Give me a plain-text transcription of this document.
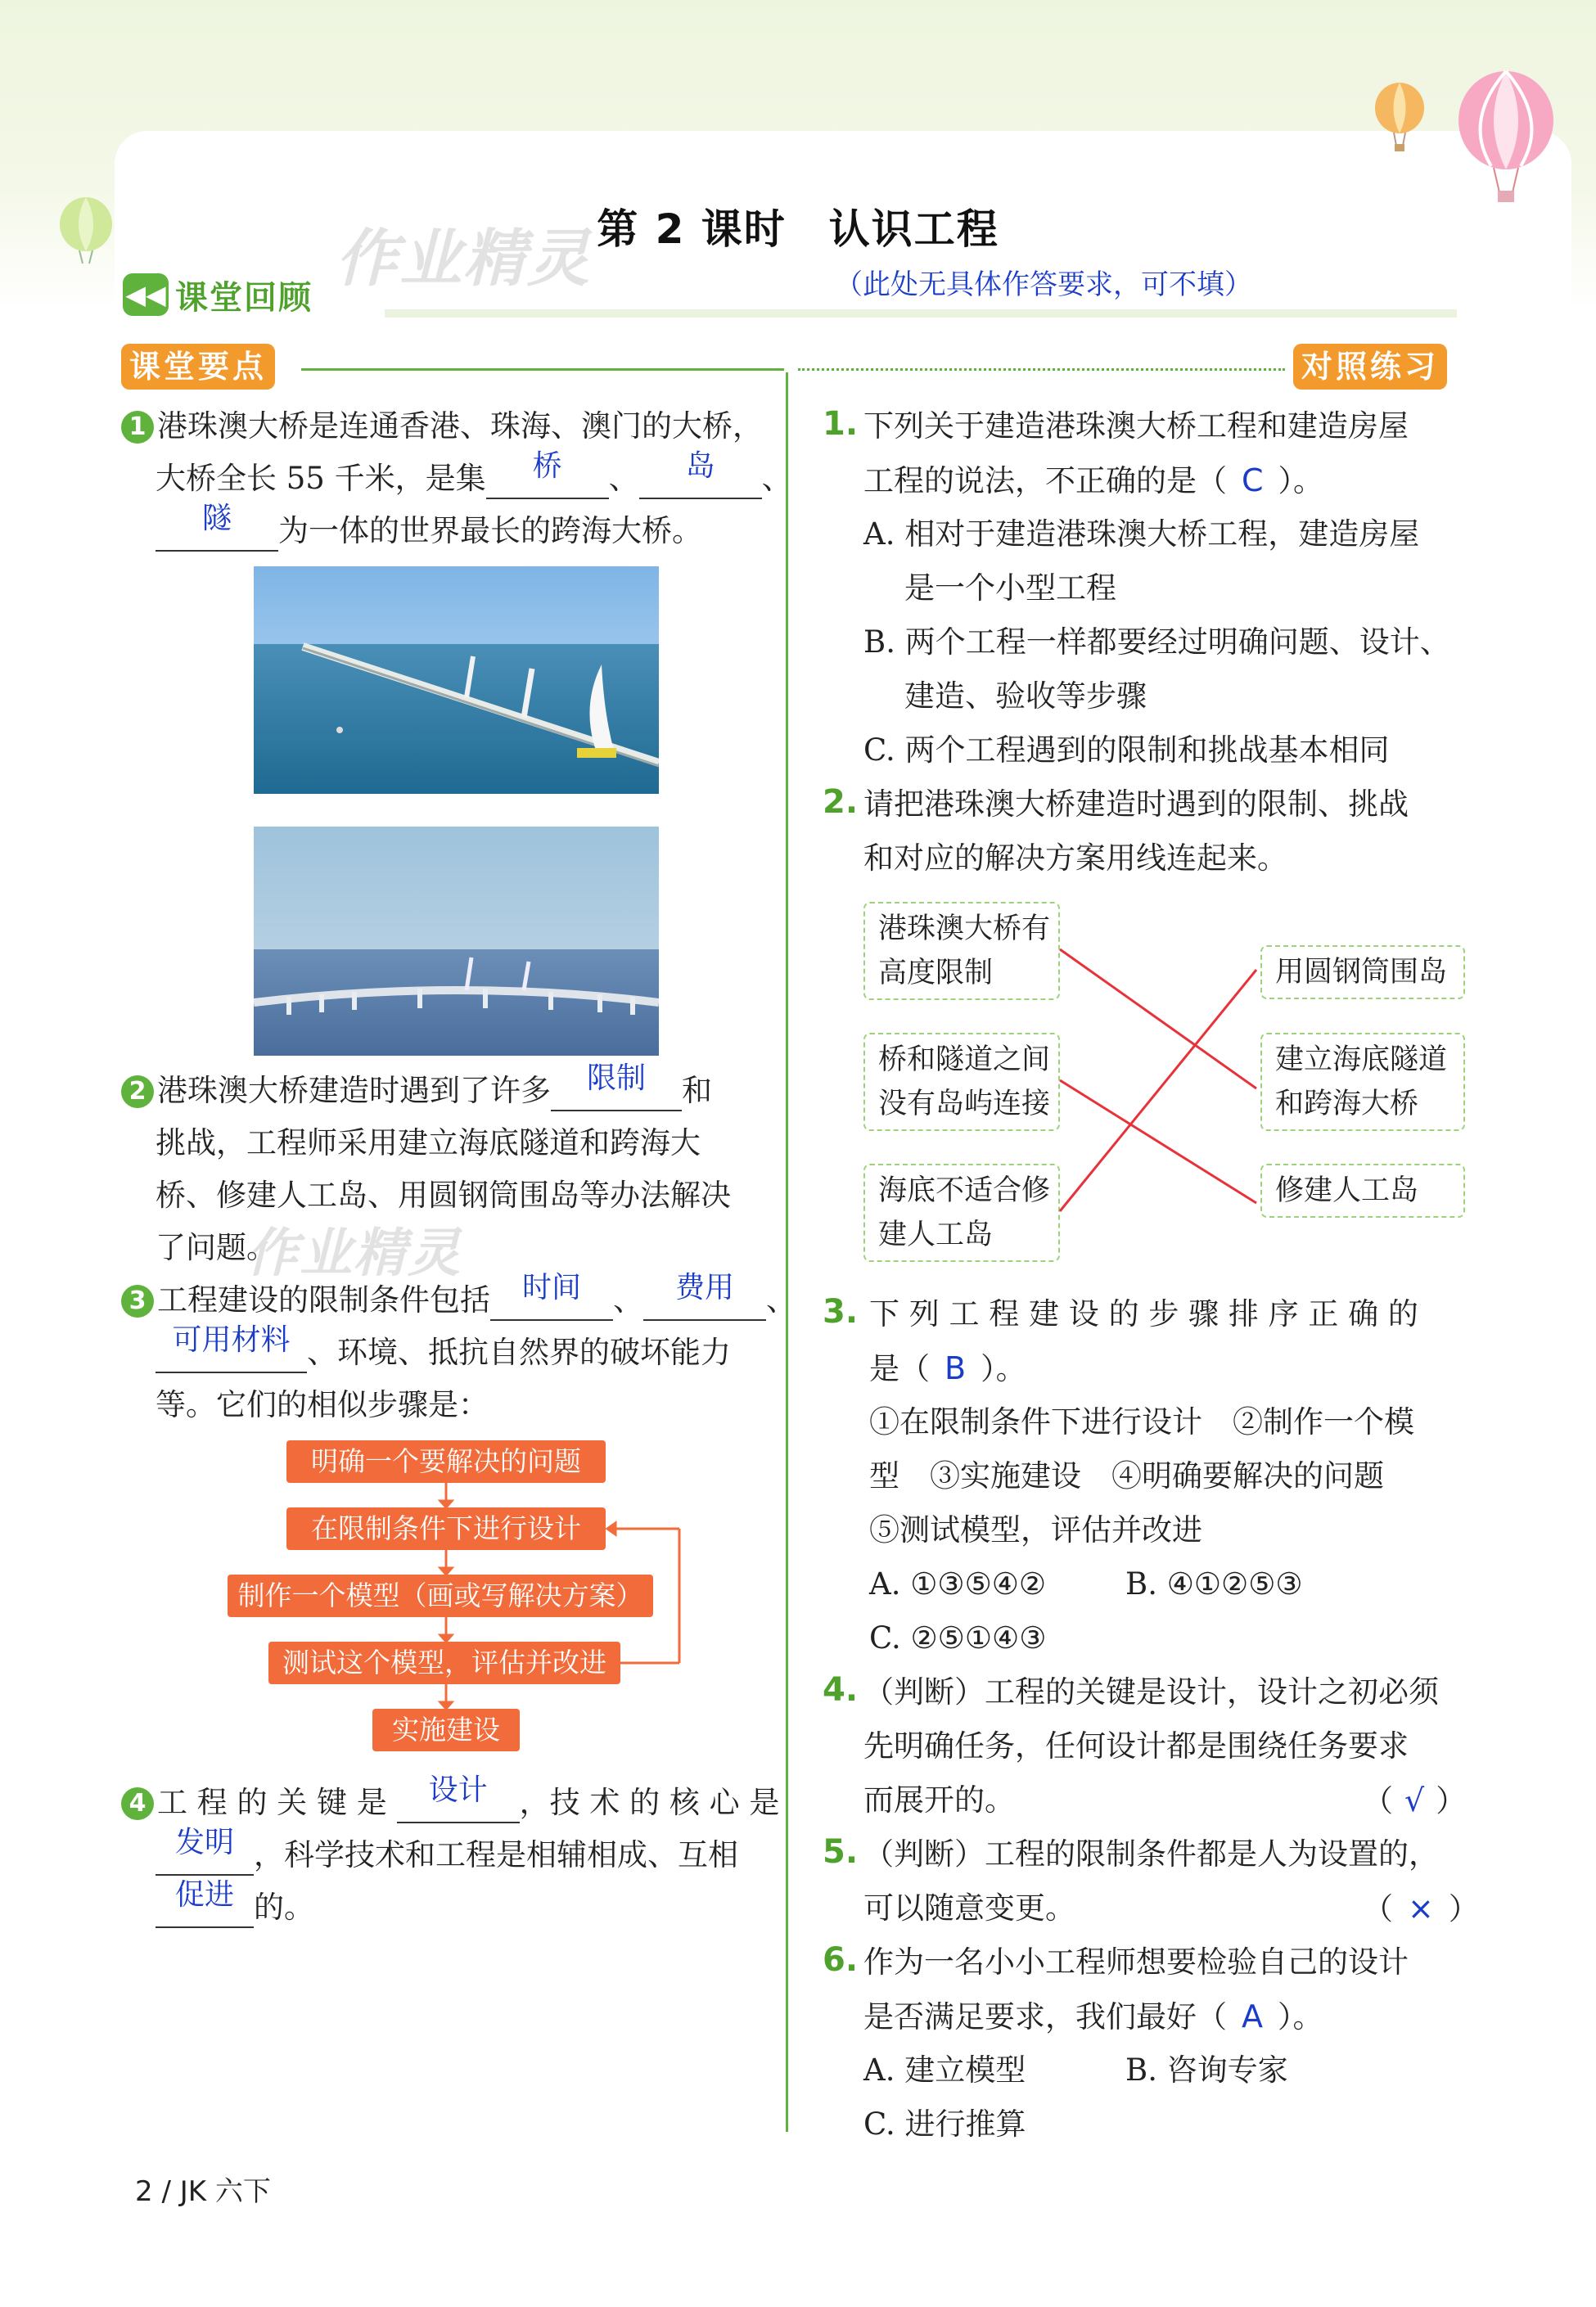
作业精灵 第 2 课时　认识工程
◀◀ 课堂回顾	（此处无具体作答要求，可不填）
课堂要点	对照练习
1 港珠澳大桥是连通香港、珠海、澳门的大桥，
大桥全长 55 千米，是集 桥 、 岛 、
隧 为一体的世界最长的跨海大桥。
2 港珠澳大桥建造时遇到了许多 限制 和
挑战，工程师采用建立海底隧道和跨海大
桥、修建人工岛、用圆钢筒围岛等办法解决
了问题。
作业精灵
3 工程建设的限制条件包括 时间 、 费用 、
可用材料 、环境、抵抗自然界的破坏能力
等。它们的相似步骤是：
明确一个要解决的问题
在限制条件下进行设计
制作一个模型（画或写解决方案）
测试这个模型，评估并改进
实施建设
4 工 程 的 关 键 是 设计 ，技 术 的 核 心 是
发明 ，科学技术和工程是相辅相成、互相
促进 的。
1. 下列关于建造港珠澳大桥工程和建造房屋
工程的说法，不正确的是（ C ）。
A. 相对于建造港珠澳大桥工程，建造房屋
是一个小型工程
B. 两个工程一样都要经过明确问题、设计、
建造、验收等步骤
C. 两个工程遇到的限制和挑战基本相同
2. 请把港珠澳大桥建造时遇到的限制、挑战
和对应的解决方案用线连起来。
港珠澳大桥有
高度限制
桥和隧道之间
没有岛屿连接
海底不适合修
建人工岛
用圆钢筒围岛
建立海底隧道
和跨海大桥
修建人工岛
3. 下 列 工 程 建 设 的 步 骤 排 序 正 确 的
是（ B ）。
①在限制条件下进行设计　②制作一个模
型　③实施建设　④明确要解决的问题
⑤测试模型，评估并改进
A. ①③⑤④②	B. ④①②⑤③
C. ②⑤①④③
4. （判断）工程的关键是设计，设计之初必须
先明确任务，任何设计都是围绕任务要求
而展开的。	（ √ ）
5. （判断）工程的限制条件都是人为设置的，
可以随意变更。	（ × ）
6. 作为一名小小工程师想要检验自己的设计
是否满足要求，我们最好（ A ）。
A. 建立模型	B. 咨询专家
C. 进行推算
2 / JK 六下
